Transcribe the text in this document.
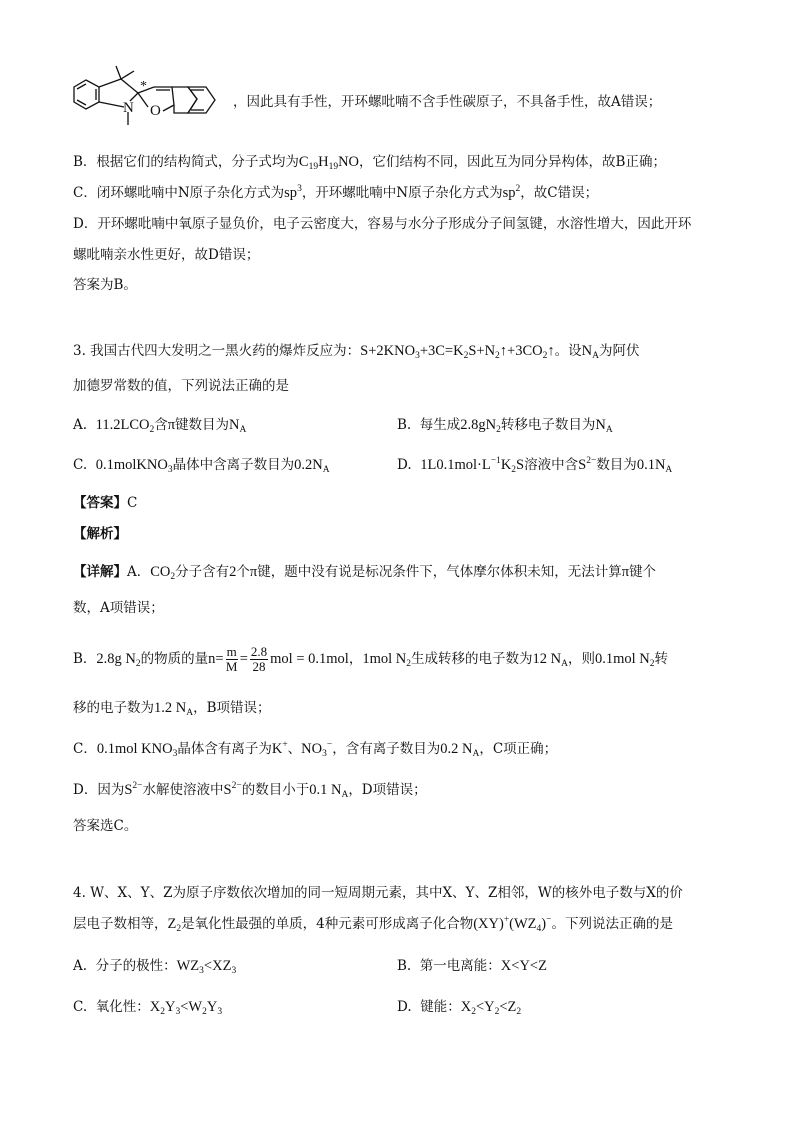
N O
*
，因此具有手性，开环螺吡喃不含手性碳原子，不具备手性，故A错误；
B．根据它们的结构简式，分子式均为$C_{19}H_{19}NO$，它们结构不同，因此互为同分异构体，故B正确；
C．闭环螺吡喃中N原子杂化方式为$sp^3$，开环螺吡喃中N原子杂化方式为$sp^2$，故C错误；
D．开环螺吡喃中氧原子显负价，电子云密度大，容易与水分子形成分子间氢键，水溶性增大，因此开环
螺吡喃亲水性更好，故D错误；
答案为B。
3. 我国古代四大发明之一黑火药的爆炸反应为：$S+2KNO_3+3C=K_2S+N_2↑+3CO_2↑$。设$N_A$为阿伏
加德罗常数的值，下列说法正确的是
A.  $11.2LCO_2$含π键数目为$N_A$	B.  每生成$2.8gN_2$转移电子数目为$N_A$
C.  0.1molKNO$_3$晶体中含离子数目为$0.2N_A$	D.  $1L0.1mol\cdot L^{-1}K_2S$溶液中含$S^{2-}$数目为$0.1N_A$
【答案】C
【解析】
【详解】A．$CO_2$分子含有2个π键，题中没有说是标况条件下，气体摩尔体积未知，无法计算π键个
数，A项错误；
B．2.8g $N_2$的物质的量$n= \frac{m}{M} = \frac{2.8}{28}$ mol = 0.1mol，1mol $N_2$生成转移的电子数为12 $N_A$，则0.1mol $N_2$转
移的电子数为1.2 $N_A$，B项错误；
C．0.1mol $KNO_3$晶体含有离子为K+、$NO_3^-$，含有离子数目为0.2 $N_A$，C项正确；
D．因为$S^{2-}$水解使溶液中$S^{2-}$的数目小于0.1 $N_A$，D项错误；
答案选C。
4. W、X、Y、Z为原子序数依次增加的同一短周期元素，其中X、Y、Z相邻，W的核外电子数与X的价
层电子数相等，$Z_2$是氧化性最强的单质，4种元素可形成离子化合物$(XY)^+(WZ_4)^-$。下列说法正确的是
A.  分子的极性：$WZ_3<XZ_3$	B.  第一电离能：X<Y<Z
C.  氧化性：$X_2Y_3<W_2Y_3$	D.  键能：$X_2<Y_2<Z_2$
